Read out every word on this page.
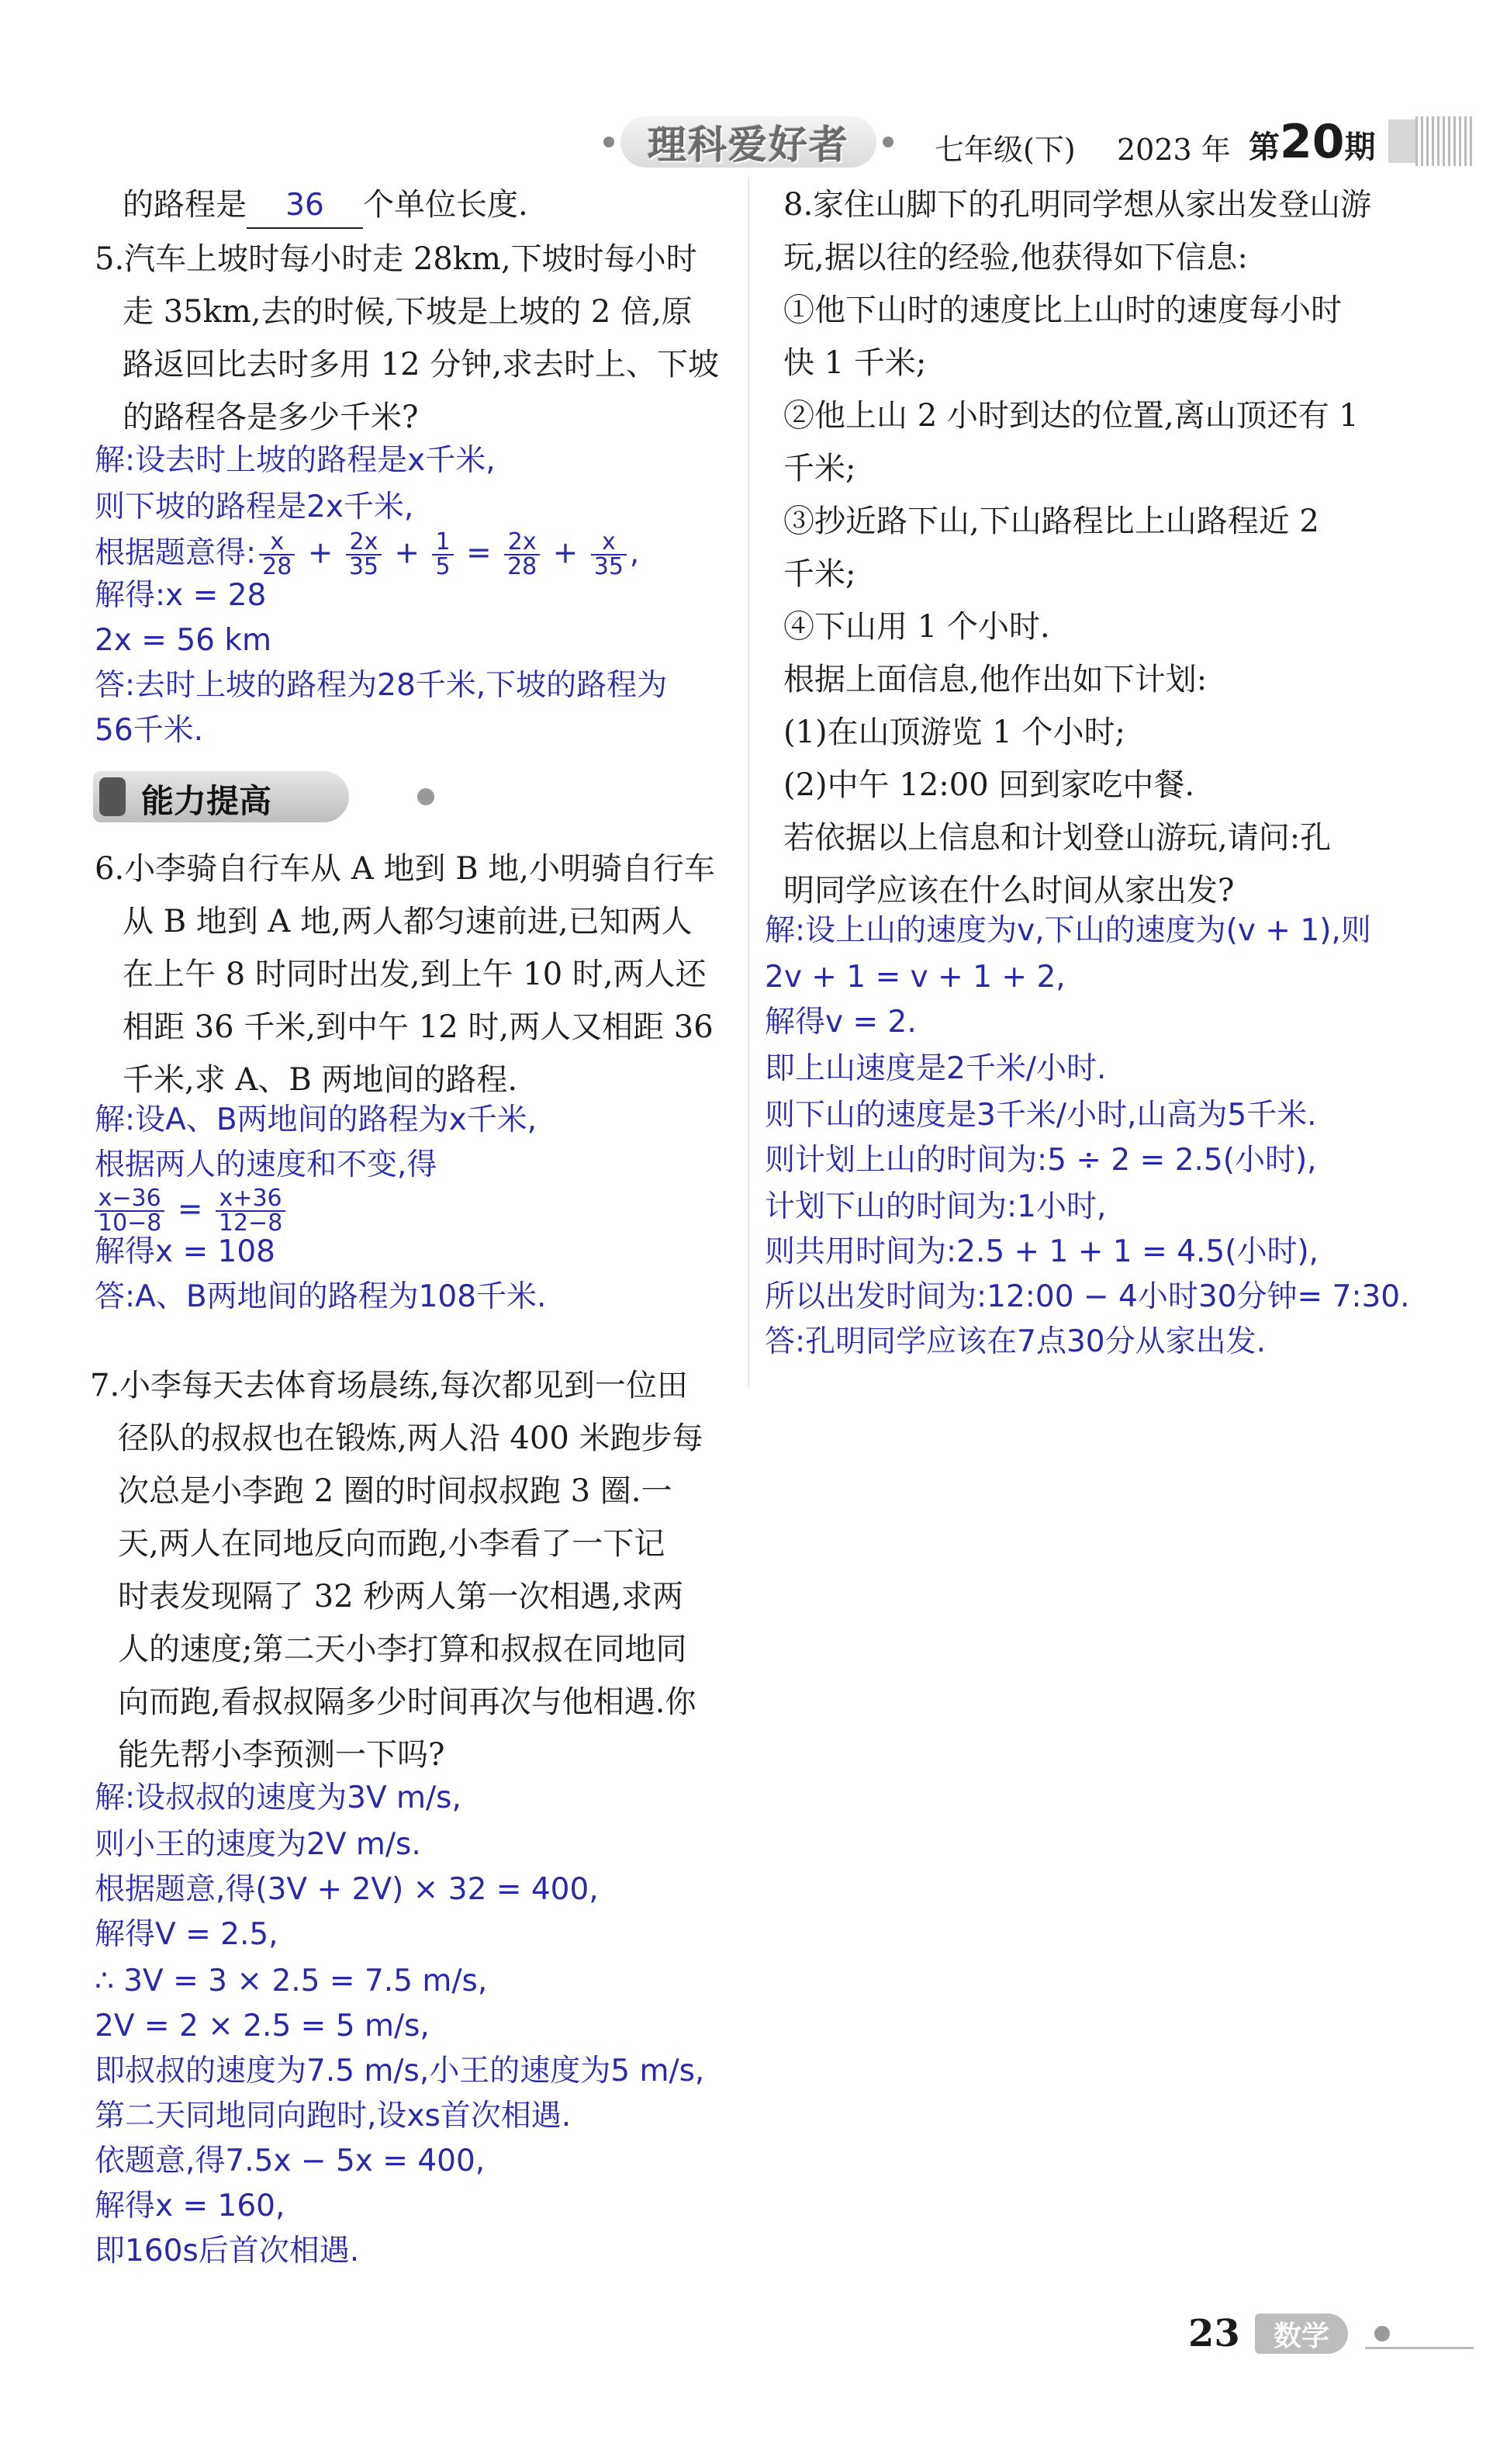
理科爱好者	七年级(下) 2023 年 第20期
的路程是 36 个单位长度.
5.汽车上坡时每小时走 28km,下坡时每小时
走 35km,去的时候,下坡是上坡的 2 倍,原
路返回比去时多用 12 分钟,求去时上、下坡
的路程各是多少千米?
解:设去时上坡的路程是x千米,
则下坡的路程是2x千米,
根据题意得: $\frac{x}{28} + \frac{2x}{35} + \frac{1}{5} = \frac{2x}{28} + \frac{x}{35}$ ,
解得:x = 28
2x = 56 km
答:去时上坡的路程为28千米,下坡的路程为
56千米.
能力提高
6.小李骑自行车从 A 地到 B 地,小明骑自行车
从 B 地到 A 地,两人都匀速前进,已知两人
在上午 8 时同时出发,到上午 10 时,两人还
相距 36 千米,到中午 12 时,两人又相距 36
千米,求 A、B 两地间的路程.
解:设A、B两地间的路程为x千米,
根据两人的速度和不变,得
$\frac{x-36}{10-8} = \frac{x+36}{12-8}$
解得x = 108
答:A、B两地间的路程为108千米.
7.小李每天去体育场晨练,每次都见到一位田
径队的叔叔也在锻炼,两人沿 400 米跑步每
次总是小李跑 2 圈的时间叔叔跑 3 圈.一
天,两人在同地反向而跑,小李看了一下记
时表发现隔了 32 秒两人第一次相遇,求两
人的速度;第二天小李打算和叔叔在同地同
向而跑,看叔叔隔多少时间再次与他相遇.你
能先帮小李预测一下吗?
解:设叔叔的速度为3V m/s,
则小王的速度为2V m/s.
根据题意,得(3V + 2V) × 32 = 400,
解得V = 2.5,
∴ 3V = 3 × 2.5 = 7.5 m/s,
2V = 2 × 2.5 = 5 m/s,
即叔叔的速度为7.5 m/s,小王的速度为5 m/s,
第二天同地同向跑时,设xs首次相遇.
依题意,得7.5x − 5x = 400,
解得x = 160,
即160s后首次相遇.
8.家住山脚下的孔明同学想从家出发登山游
玩,据以往的经验,他获得如下信息:
①他下山时的速度比上山时的速度每小时
快 1 千米;
②他上山 2 小时到达的位置,离山顶还有 1
千米;
③抄近路下山,下山路程比上山路程近 2
千米;
④下山用 1 个小时.
根据上面信息,他作出如下计划:
(1)在山顶游览 1 个小时;
(2)中午 12:00 回到家吃中餐.
若依据以上信息和计划登山游玩,请问:孔
明同学应该在什么时间从家出发?
解:设上山的速度为v,下山的速度为(v + 1),则
2v + 1 = v + 1 + 2,
解得v = 2.
即上山速度是2千米/小时.
则下山的速度是3千米/小时,山高为5千米.
则计划上山的时间为:5 ÷ 2 = 2.5(小时),
计划下山的时间为:1小时,
则共用时间为:2.5 + 1 + 1 = 4.5(小时),
所以出发时间为:12:00 − 4小时30分钟= 7:30.
答:孔明同学应该在7点30分从家出发.
23	数学
